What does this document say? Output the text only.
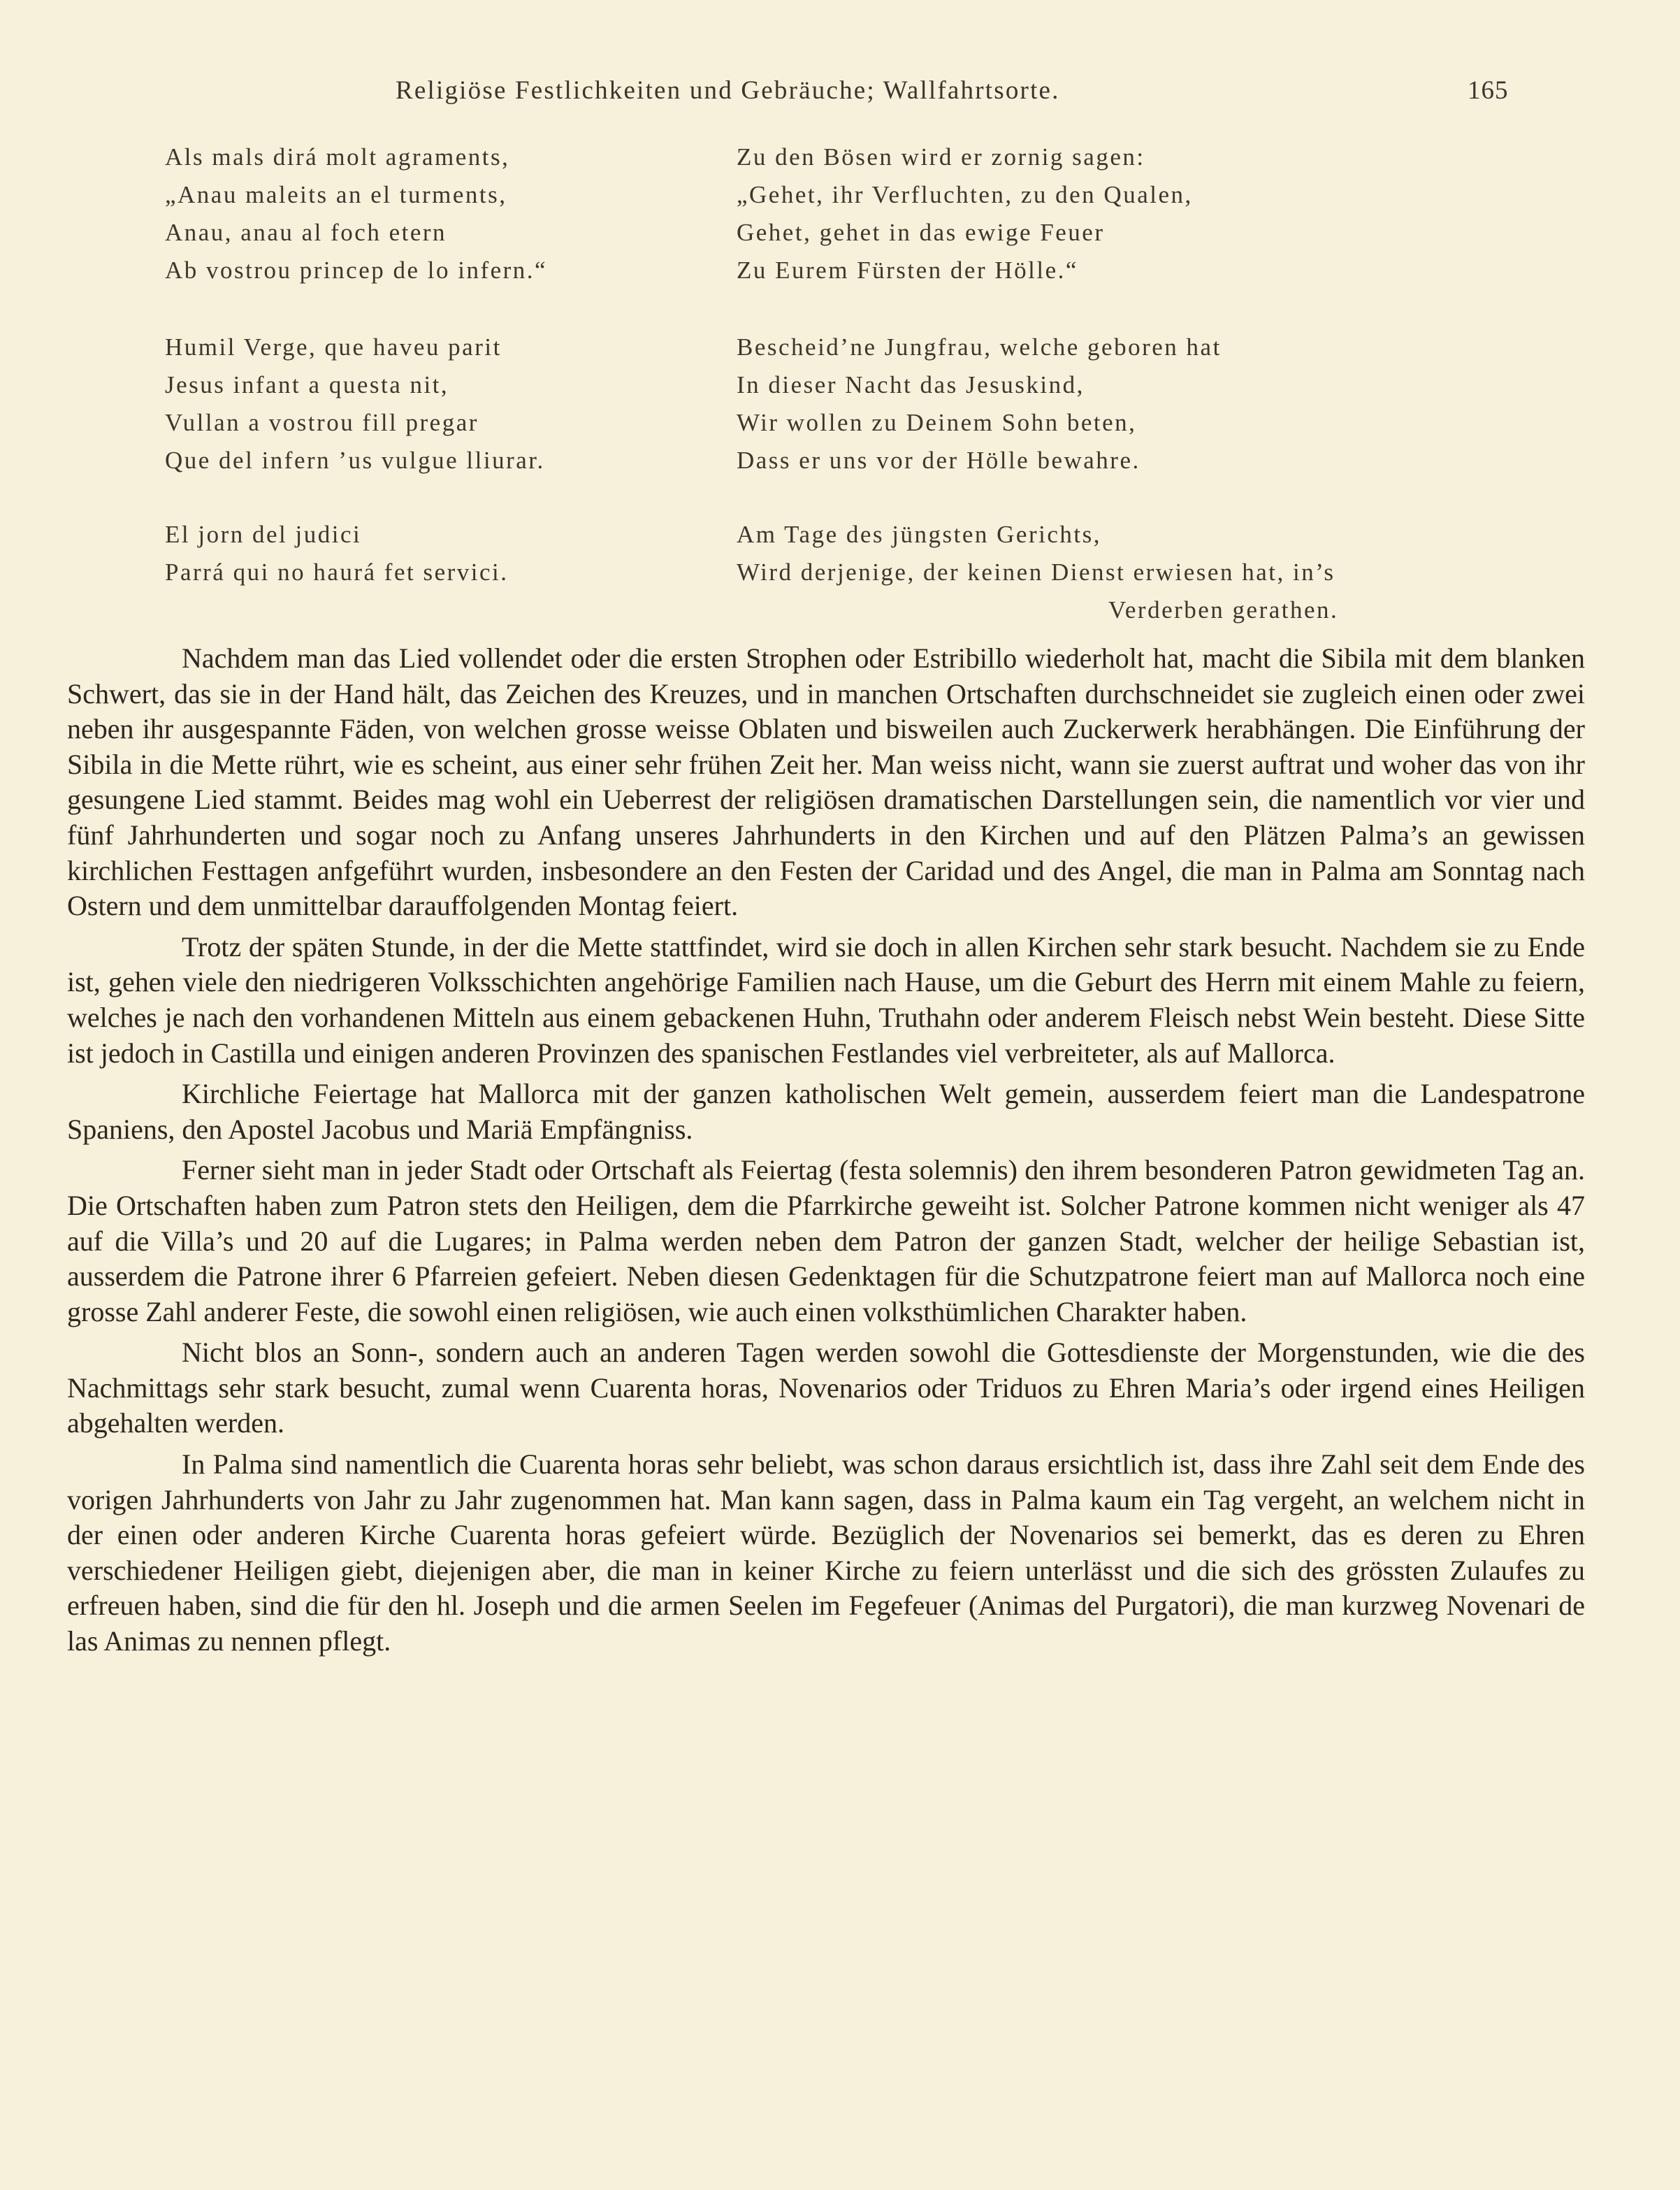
Religiöse Festlichkeiten und Gebräuche; Wallfahrtsorte.	165
Als mals dirá molt agraments,
„Anau maleits an el turments,
Anau, anau al foch etern
Ab vostrou princep de lo infern.“
Zu den Bösen wird er zornig sagen:
„Gehet, ihr Verfluchten, zu den Qualen,
Gehet, gehet in das ewige Feuer
Zu Eurem Fürsten der Hölle.“
Humil Verge, que haveu parit
Jesus infant a questa nit,
Vullan a vostrou fill pregar
Que del infern ’us vulgue lliurar.
Bescheid’ne Jungfrau, welche geboren hat
In dieser Nacht das Jesuskind,
Wir wollen zu Deinem Sohn beten,
Dass er uns vor der Hölle bewahre.
El jorn del judici
Parrá qui no haurá fet servici.
Am Tage des jüngsten Gerichts,
Wird derjenige, der keinen Dienst erwiesen hat, in’s
Verderben gerathen.

Nachdem man das Lied vollendet oder die ersten Strophen oder Estribillo wiederholt hat, macht die Sibila mit dem blanken Schwert, das sie in der Hand hält, das Zeichen des Kreuzes, und in manchen Ortschaften durchschneidet sie zugleich einen oder zwei neben ihr ausgespannte Fäden, von welchen grosse weisse Oblaten und bisweilen auch Zuckerwerk herabhängen. Die Einführung der Sibila in die Mette rührt, wie es scheint, aus einer sehr frühen Zeit her. Man weiss nicht, wann sie zuerst auftrat und woher das von ihr gesungene Lied stammt. Beides mag wohl ein Ueberrest der religiösen dramatischen Darstellungen sein, die namentlich vor vier und fünf Jahrhunderten und sogar noch zu Anfang unseres Jahrhunderts in den Kirchen und auf den Plätzen Palma’s an gewissen kirchlichen Festtagen anfgeführt wurden, insbesondere an den Festen der Caridad und des Angel, die man in Palma am Sonntag nach Ostern und dem unmittelbar darauffolgenden Montag feiert.

Trotz der späten Stunde, in der die Mette stattfindet, wird sie doch in allen Kirchen sehr stark besucht. Nachdem sie zu Ende ist, gehen viele den niedrigeren Volksschichten angehörige Familien nach Hause, um die Geburt des Herrn mit einem Mahle zu feiern, welches je nach den vorhandenen Mitteln aus einem gebackenen Huhn, Truthahn oder anderem Fleisch nebst Wein besteht. Diese Sitte ist jedoch in Castilla und einigen anderen Provinzen des spanischen Festlandes viel verbreiteter, als auf Mallorca.

Kirchliche Feiertage hat Mallorca mit der ganzen katholischen Welt gemein, ausserdem feiert man die Landespatrone Spaniens, den Apostel Jacobus und Mariä Empfängniss.

Ferner sieht man in jeder Stadt oder Ortschaft als Feiertag (festa solemnis) den ihrem besonderen Patron gewidmeten Tag an. Die Ortschaften haben zum Patron stets den Heiligen, dem die Pfarrkirche geweiht ist. Solcher Patrone kommen nicht weniger als 47 auf die Villa’s und 20 auf die Lugares; in Palma werden neben dem Patron der ganzen Stadt, welcher der heilige Sebastian ist, ausserdem die Patrone ihrer 6 Pfarreien gefeiert. Neben diesen Gedenktagen für die Schutzpatrone feiert man auf Mallorca noch eine grosse Zahl anderer Feste, die sowohl einen religiösen, wie auch einen volksthümlichen Charakter haben.

Nicht blos an Sonn-, sondern auch an anderen Tagen werden sowohl die Gottesdienste der Morgenstunden, wie die des Nachmittags sehr stark besucht, zumal wenn Cuarenta horas, Novenarios oder Triduos zu Ehren Maria’s oder irgend eines Heiligen abgehalten werden.

In Palma sind namentlich die Cuarenta horas sehr beliebt, was schon daraus ersichtlich ist, dass ihre Zahl seit dem Ende des vorigen Jahrhunderts von Jahr zu Jahr zugenommen hat. Man kann sagen, dass in Palma kaum ein Tag vergeht, an welchem nicht in der einen oder anderen Kirche Cuarenta horas gefeiert würde. Bezüglich der Novenarios sei bemerkt, das es deren zu Ehren verschiedener Heiligen giebt, diejenigen aber, die man in keiner Kirche zu feiern unterlässt und die sich des grössten Zulaufes zu erfreuen haben, sind die für den hl. Joseph und die armen Seelen im Fegefeuer (Animas del Purgatori), die man kurzweg Novenari de las Animas zu nennen pflegt.
